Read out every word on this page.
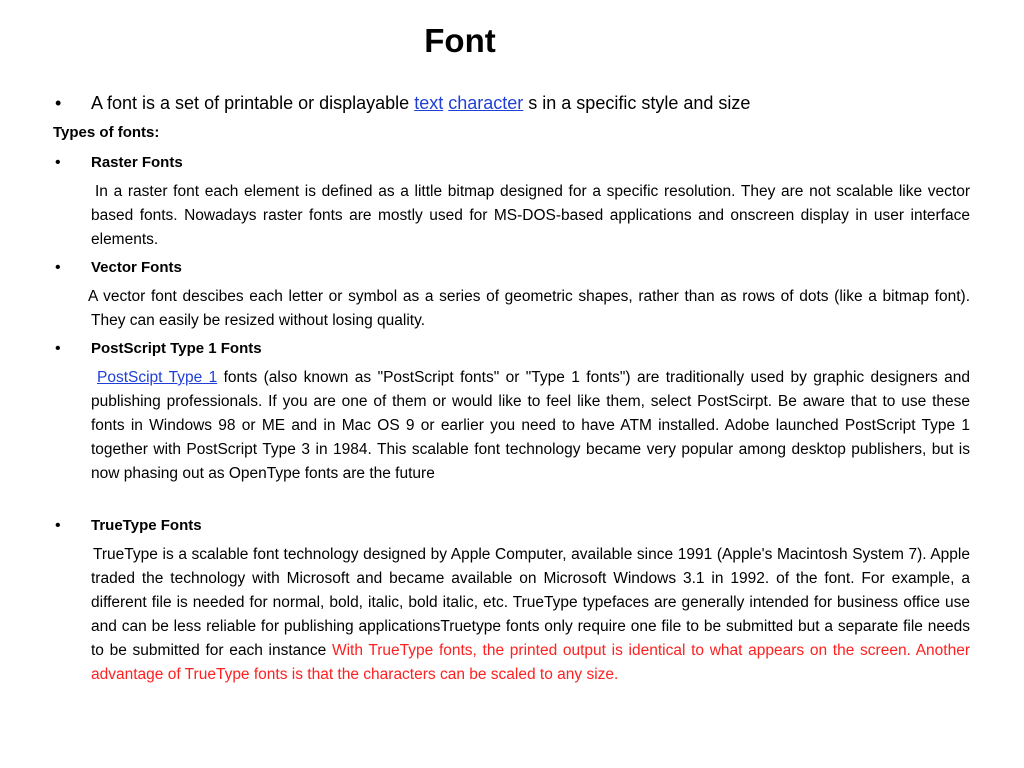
Font
• A font is a set of printable or displayable text character s in a specific style and size
Types of fonts:
• Raster Fonts
In a raster font each element is defined as a little bitmap designed for a specific resolution. They are not scalable like vector based fonts. Nowadays raster fonts are mostly used for MS-DOS-based applications and onscreen display in user interface elements.
• Vector Fonts
A vector font descibes each letter or symbol as a series of geometric shapes, rather than as rows of dots (like a bitmap font). They can easily be resized without losing quality.
• PostScript Type 1 Fonts
PostScipt Type 1 fonts (also known as "PostScript fonts" or "Type 1 fonts") are traditionally used by graphic designers and publishing professionals. If you are one of them or would like to feel like them, select PostScirpt. Be aware that to use these fonts in Windows 98 or ME and in Mac OS 9 or earlier you need to have ATM installed. Adobe launched PostScript Type 1 together with PostScript Type 3 in 1984. This scalable font technology became very popular among desktop publishers, but is now phasing out as OpenType fonts are the future
• TrueType Fonts
TrueType is a scalable font technology designed by Apple Computer, available since 1991 (Apple's Macintosh System 7). Apple traded the technology with Microsoft and became available on Microsoft Windows 3.1 in 1992. of the font. For example, a different file is needed for normal, bold, italic, bold italic, etc. TrueType typefaces are generally intended for business office use and can be less reliable for publishing applicationsTruetype fonts only require one file to be submitted but a separate file needs to be submitted for each instance With TrueType fonts, the printed output is identical to what appears on the screen. Another advantage of TrueType fonts is that the characters can be scaled to any size.
